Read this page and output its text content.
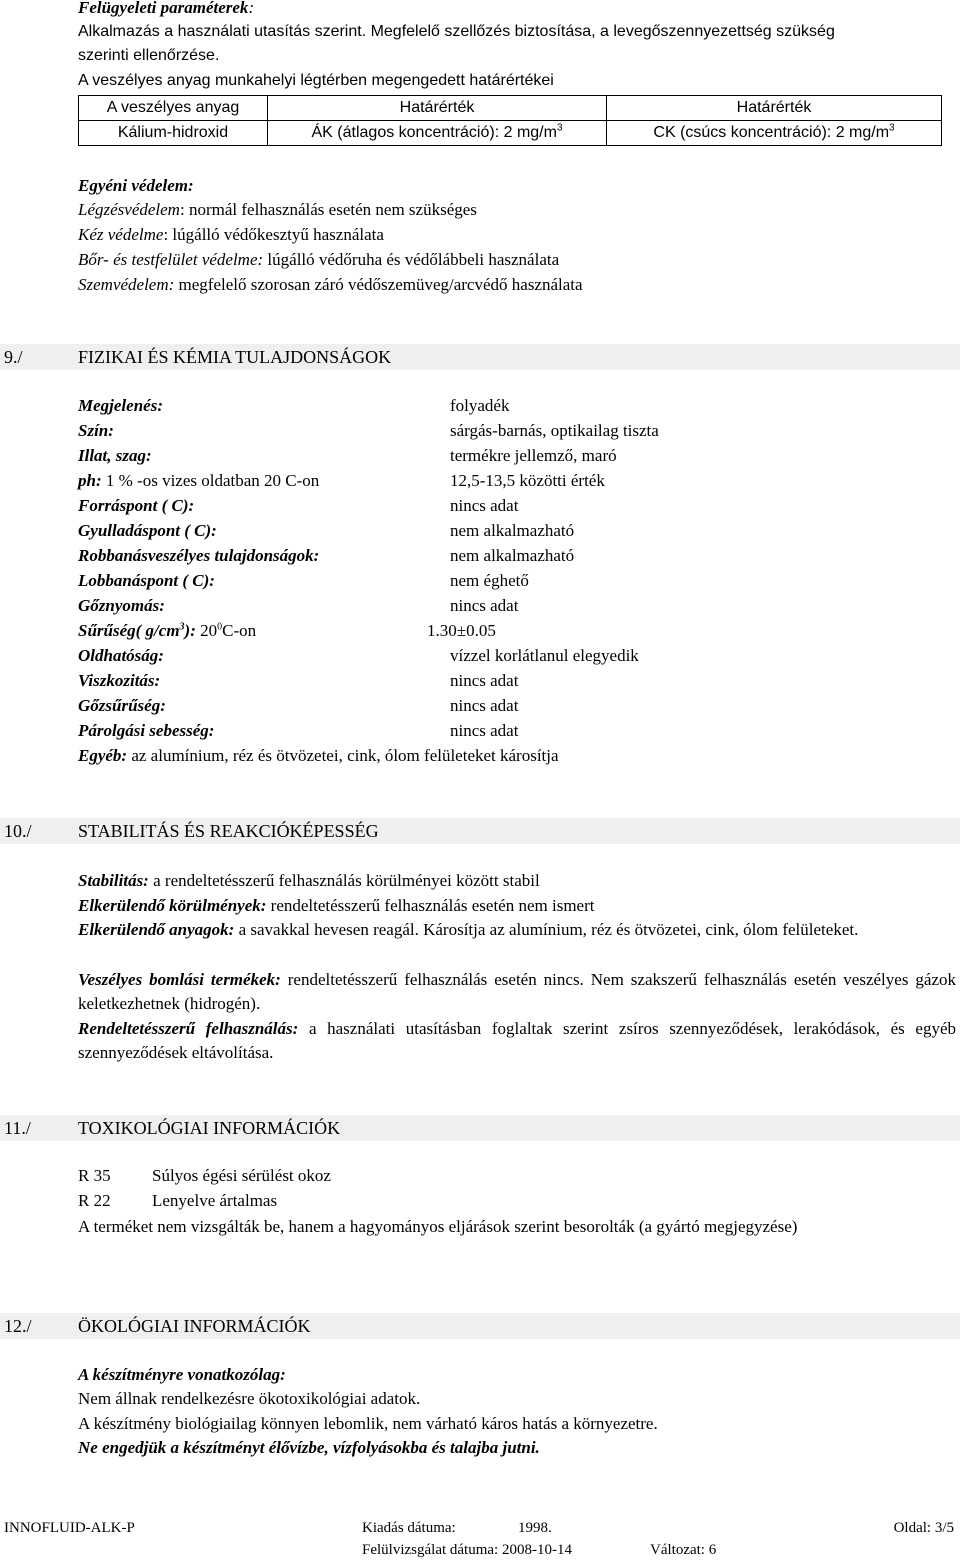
Felügyeleti paraméterek:
Alkalmazás a használati utasítás szerint. Megfelelő szellőzés biztosítása, a levegőszennyezettség szükség
szerinti ellenőrzése.
A veszélyes anyag munkahelyi légtérben megengedett határértékei
A veszélyes anyag	Határérték	Határérték
Kálium-hidroxid	ÁK (átlagos koncentráció): 2 $mg/m^3$	CK (csúcs koncentráció): 2 $mg/m^3$
Egyéni védelem:
Légzésvédelem: normál felhasználás esetén nem szükséges
Kéz védelme: lúgálló védőkesztyű használata
Bőr- és testfelület védelme: lúgálló védőruha és védőlábbeli használata
Szemvédelem: megfelelő szorosan záró védőszemüveg/arcvédő használata
9./	FIZIKAI ÉS KÉMIA TULAJDONSÁGOK
Megjelenés:	folyadék
Szín:	sárgás-barnás, optikailag tiszta
Illat, szag:	termékre jellemző, maró
ph: 1 % -os vizes oldatban 20 C-on	12,5-13,5 közötti érték
Forráspont ( C):	nincs adat
Gyulladáspont ( C):	nem alkalmazható
Robbanásveszélyes tulajdonságok:	nem alkalmazható
Lobbanáspont ( C):	nem éghető
Gőznyomás:	nincs adat
Sűrűség( $g/cm^3$): $20^0C-on$	1.30±0.05
Oldhatóság:	vízzel korlátlanul elegyedik
Viszkozitás:	nincs adat
Gőzsűrűség:	nincs adat
Párolgási sebesség:	nincs adat
Egyéb: az alumínium, réz és ötvözetei, cink, ólom felületeket károsítja
10./	STABILITÁS ÉS REAKCIÓKÉPESSÉG
Stabilitás: a rendeltetésszerű felhasználás körülményei között stabil
Elkerülendő körülmények: rendeltetésszerű felhasználás esetén nem ismert
Elkerülendő anyagok: a savakkal hevesen reagál. Károsítja az alumínium, réz és ötvözetei, cink, ólom felületeket.
Veszélyes bomlási termékek: rendeltetésszerű felhasználás esetén nincs. Nem szakszerű felhasználás esetén veszélyes gázok keletkezhetnek (hidrogén).
Rendeltetésszerű felhasználás: a használati utasításban foglaltak szerint zsíros szennyeződések, lerakódások, és egyéb szennyeződések eltávolítása.
11./	TOXIKOLÓGIAI INFORMÁCIÓK
R 35 Súlyos égési sérülést okoz
R 22 Lenyelve ártalmas
A terméket nem vizsgálták be, hanem a hagyományos eljárások szerint besorolták (a gyártó megjegyzése)
12./	ÖKOLÓGIAI INFORMÁCIÓK
A készítményre vonatkozólag:
Nem állnak rendelkezésre ökotoxikológiai adatok.
A készítmény biológiailag könnyen lebomlik, nem várható káros hatás a környezetre.
Ne engedjük a készítményt élővízbe, vízfolyásokba és talajba jutni.
INNOFLUID-ALK-P	Kiadás dátuma:	1998.	Oldal: 3/5
Felülvizsgálat dátuma: 2008-10-14	Változat: 6
